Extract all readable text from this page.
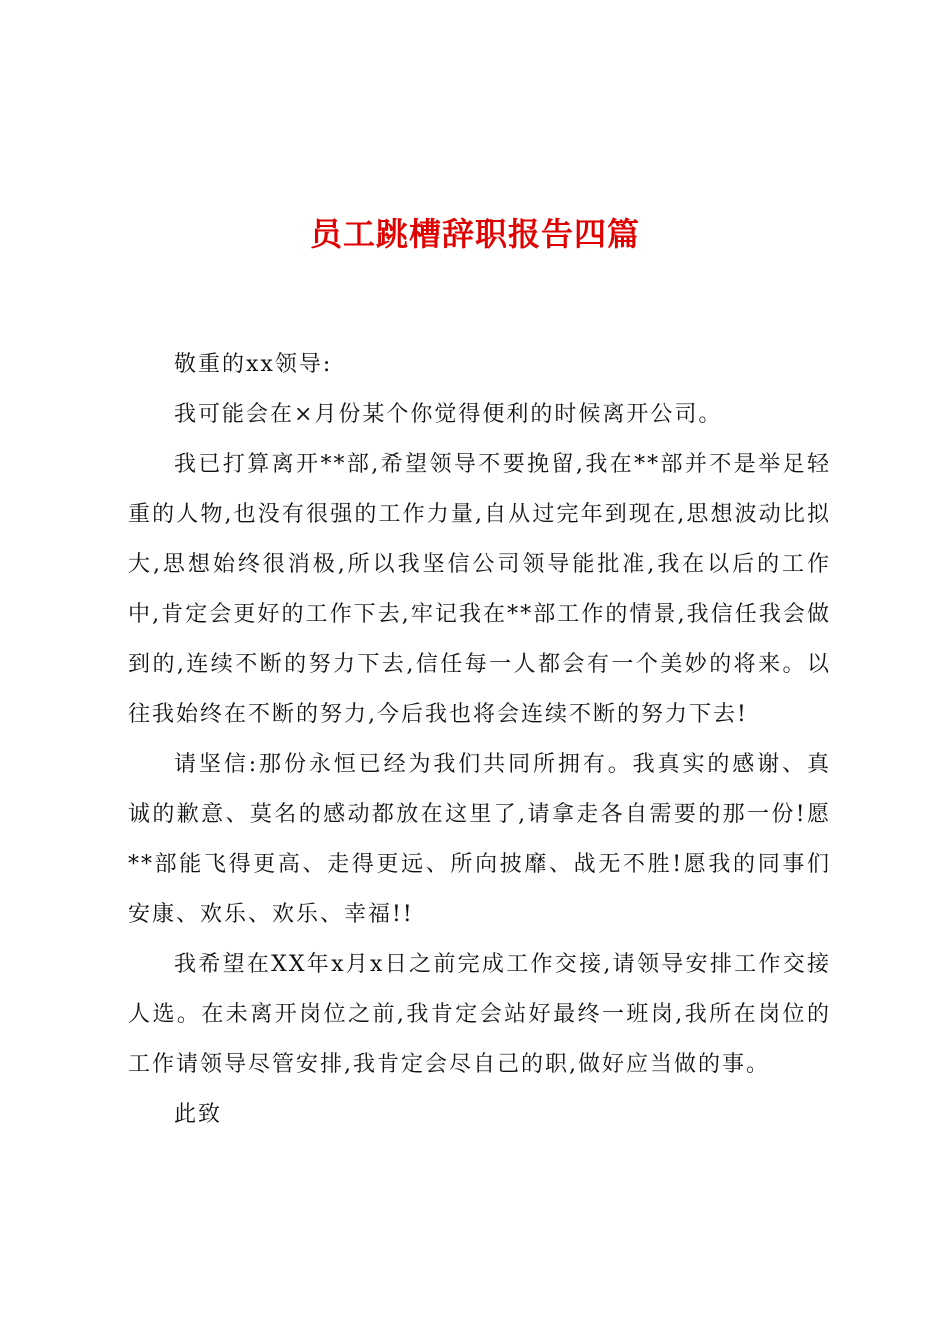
员工跳槽辞职报告四篇

敬重的xx领导:

我可能会在×月份某个你觉得便利的时候离开公司。

我已打算离开**部,希望领导不要挽留,我在**部并不是举足轻重的人物,也没有很强的工作力量,自从过完年到现在,思想波动比拟大,思想始终很消极,所以我坚信公司领导能批准,我在以后的工作中,肯定会更好的工作下去,牢记我在**部工作的情景,我信任我会做到的,连续不断的努力下去,信任每一人都会有一个美妙的将来。以往我始终在不断的努力,今后我也将会连续不断的努力下去!

请坚信:那份永恒已经为我们共同所拥有。我真实的感谢、真诚的歉意、莫名的感动都放在这里了,请拿走各自需要的那一份!愿**部能飞得更高、走得更远、所向披靡、战无不胜!愿我的同事们安康、欢乐、欢乐、幸福!!

我希望在XX年x月x日之前完成工作交接,请领导安排工作交接人选。在未离开岗位之前,我肯定会站好最终一班岗,我所在岗位的工作请领导尽管安排,我肯定会尽自己的职,做好应当做的事。

此致
